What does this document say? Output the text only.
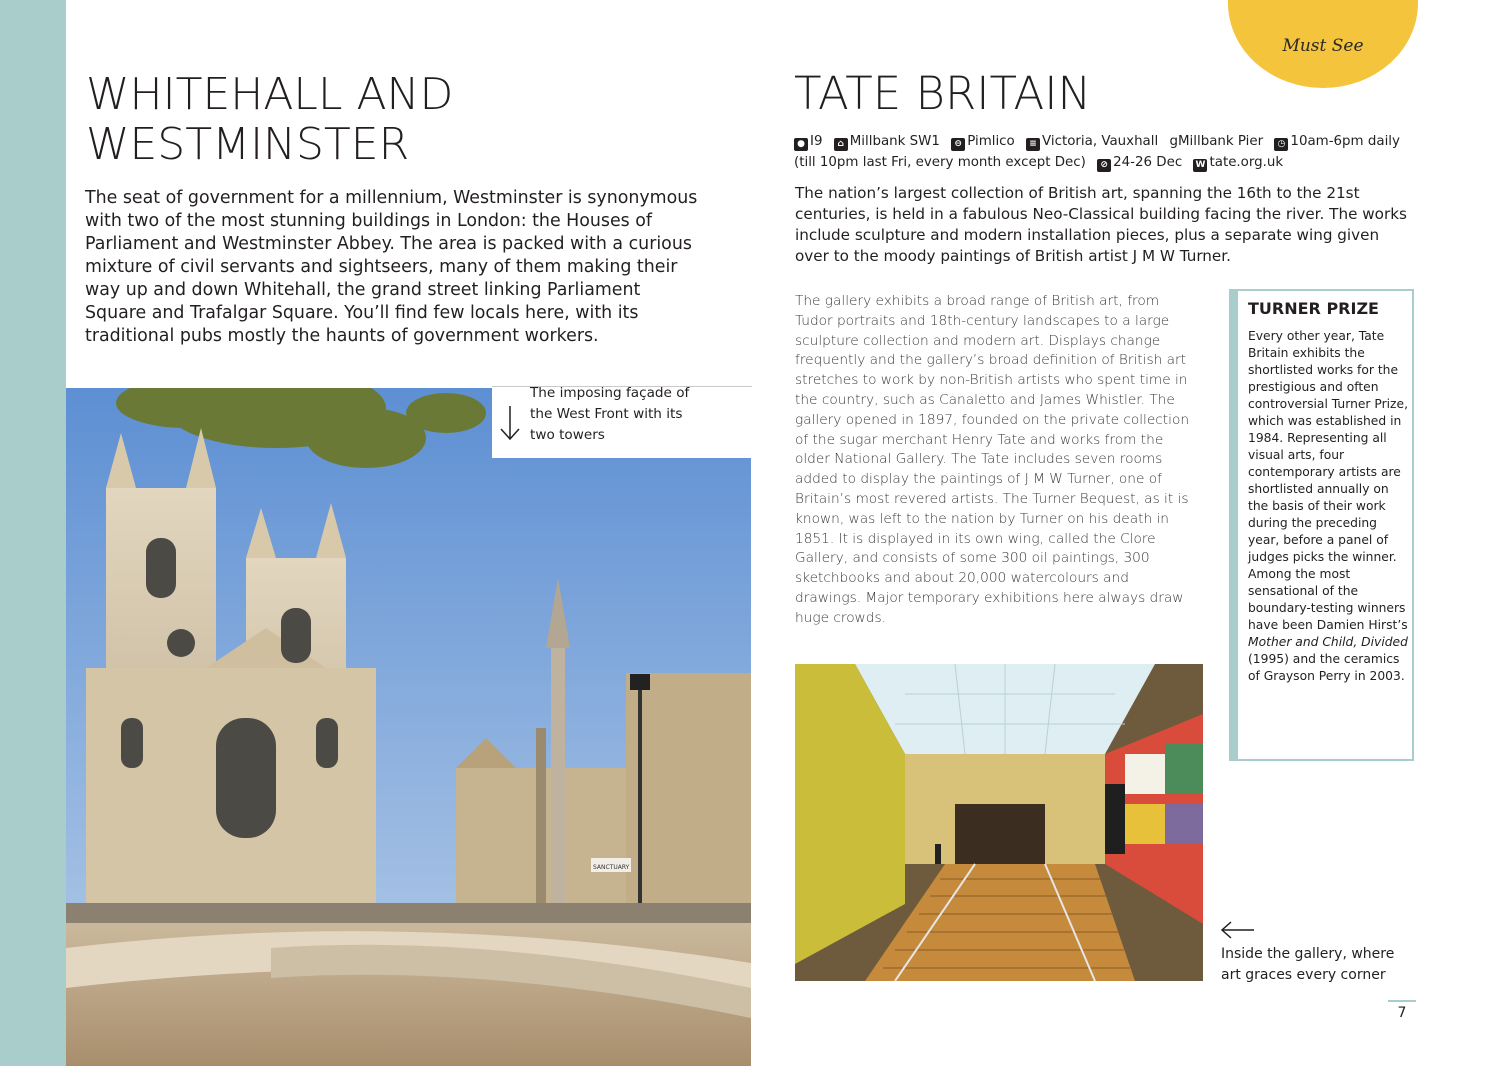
Must See
WHITEHALL AND
WESTMINSTER
The seat of government for a millennium, Westminster is synonymous with two of the most stunning buildings in London: the Houses of Parliament and Westminster Abbey. The area is packed with a curious mixture of civil servants and sightseers, many of them making their way up and down Whitehall, the grand street linking Parliament Square and Trafalgar Square. You’ll find few locals here, with its traditional pubs mostly the haunts of government workers.
SANCTUARY
The imposing façade of
the West Front with its
two towers
TATE BRITAIN
● I9 ⌂ Millbank SW1 ⊖ Pimlico ≡ Victoria, Vauxhall gMillbank Pier ◷ 10am-6pm daily (till 10pm last Fri, every month except Dec) ⊘ 24-26 Dec W tate.org.uk
The nation’s largest collection of British art, spanning the 16th to the 21st centuries, is held in a fabulous Neo-Classical building facing the river. The works include sculpture and modern installation pieces, plus a separate wing given over to the moody paintings of British artist J M W Turner.
The gallery exhibits a broad range of British art, from Tudor portraits and 18th-century landscapes to a large sculpture collection and modern art. Displays change frequently and the gallery’s broad definition of British art stretches to work by non-British artists who spent time in the country, such as Canaletto and James Whistler. The gallery opened in 1897, founded on the private collection of the sugar merchant Henry Tate and works from the older National Gallery. The Tate includes seven rooms added to display the paintings of J M W Turner, one of Britain’s most revered artists. The Turner Bequest, as it is known, was left to the nation by Turner on his death in 1851. It is displayed in its own wing, called the Clore Gallery, and consists of some 300 oil paintings, 300 sketchbooks and about 20,000 watercolours and drawings. Major temporary exhibitions here always draw huge crowds.
TURNER PRIZE
Every other year, Tate Britain exhibits the shortlisted works for the prestigious and often controversial Turner Prize, which was established in 1984. Representing all visual arts, four contemporary artists are shortlisted annually on the basis of their work during the preceding year, before a panel of judges picks the winner. Among the most sensational of the boundary-testing winners have been Damien Hirst’s Mother and Child, Divided (1995) and the ceramics of Grayson Perry in 2003.
Inside the gallery, where
art graces every corner
7
